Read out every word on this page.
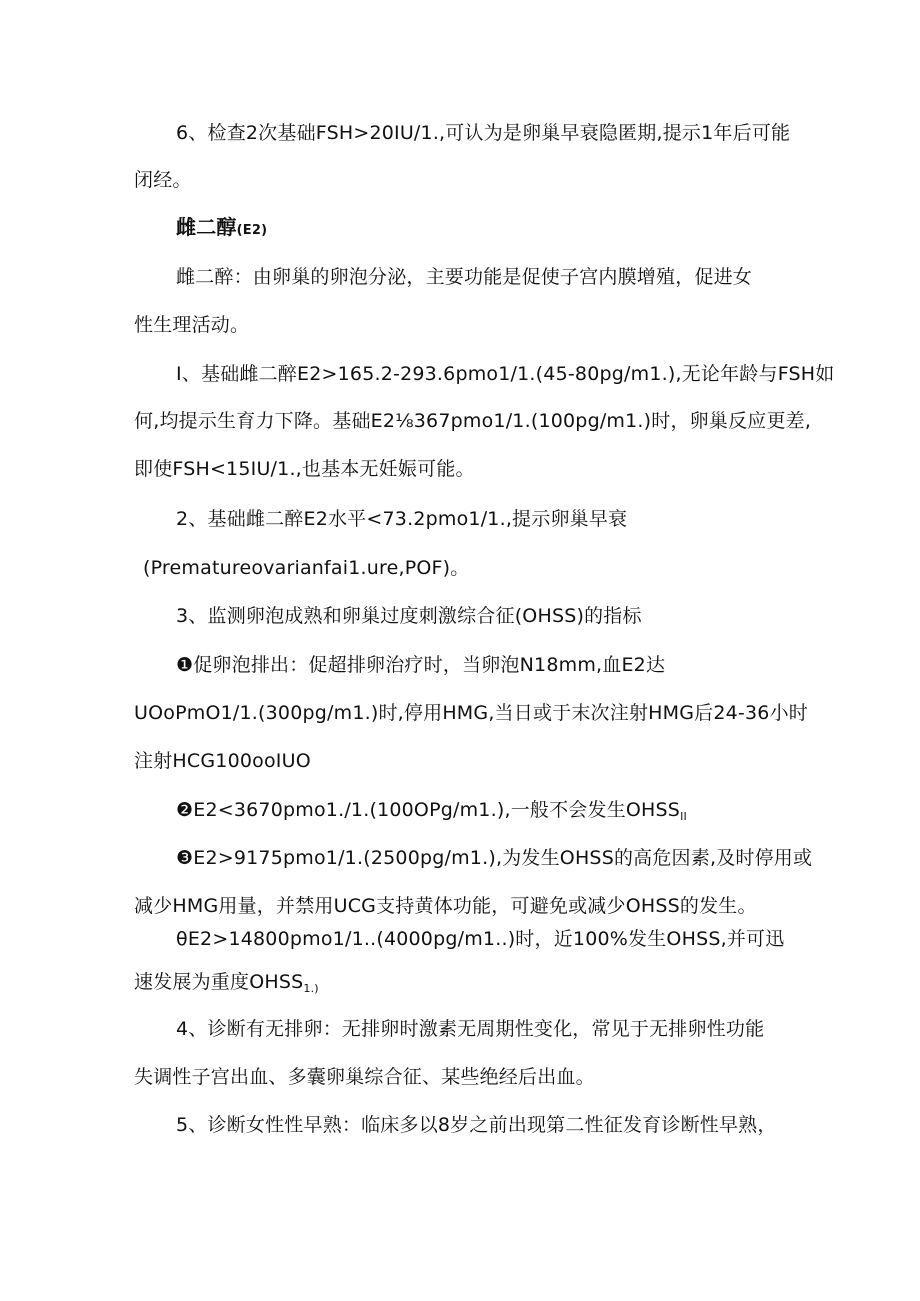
6、检查2次基础FSH>20IU∕1.,可认为是卵巢早衰隐匿期,提示1年后可能
闭经。
雌二醇(E2)
雌二醉：由卵巢的卵泡分泌，主要功能是促使子宫内膜增殖，促进女
性生理活动。
I、基础雌二醉E2>165.2-293.6pmo1∕1.(45-80pg∕m1.),无论年龄与FSH如
何,均提示生育力下降。基础E2⅛367pmo1∕1.(100pg∕m1.)时，卵巢反应更差,
即使FSH<15IU∕1.,也基本无妊娠可能。
2、基础雌二醉E2水平<73.2pmo1∕1.,提示卵巢早衰
(Prematureovarianfai1.ure,POF)。
3、监测卵泡成熟和卵巢过度刺激综合征(OHSS)的指标
❶促卵泡排出：促超排卵治疗时，当卵泡N18mm,血E2达
UOoPmO1∕1.(300pg∕m1.)时,停用HMG,当日或于末次注射HMG后24-36小时
注射HCG100ooIUO
❷E2<3670pmo1./1.(100OPg∕m1.),一般不会发生$OHSS_{II}$
❸E2>9175pmo1∕1.(2500pg∕m1.),为发生OHSS的高危因素,及时停用或
减少HMG用量，并禁用UCG支持黄体功能，可避免或减少OHSS的发生。
θE2>14800pmo1∕1..(4000pg∕m1..)时，近100%发生OHSS,并可迅
速发展为重度$OHSS_{1.)}$
4、诊断有无排卵：无排卵时激素无周期性变化，常见于无排卵性功能
失调性子宫出血、多囊卵巢综合征、某些绝经后出血。
5、诊断女性性早熟：临床多以8岁之前出现第二性征发育诊断性早熟，
